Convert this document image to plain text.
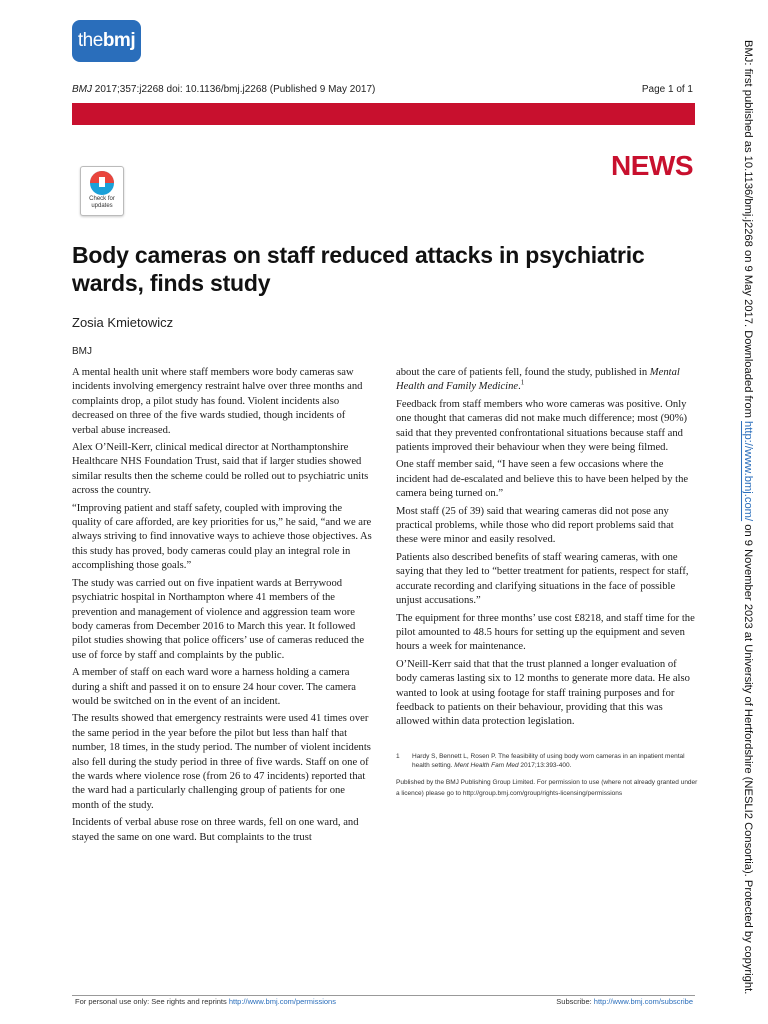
the bmj
BMJ 2017;357:j2268 doi: 10.1136/bmj.j2268 (Published 9 May 2017)	Page 1 of 1
NEWS
Check for
updates
Body cameras on staff reduced attacks in psychiatric wards, finds study
Zosia Kmietowicz
BMJ

A mental health unit where staff members wore body cameras saw incidents involving emergency restraint halve over three months and complaints drop, a pilot study has found. Violent incidents also decreased on three of the five wards studied, though incidents of verbal abuse increased.

Alex O’Neill-Kerr, clinical medical director at Northamptonshire Healthcare NHS Foundation Trust, said that if larger studies showed similar results then the scheme could be rolled out to psychiatric units across the country.

“Improving patient and staff safety, coupled with improving the quality of care afforded, are key priorities for us,” he said, “and we are always striving to find innovative ways to achieve those objectives. As this study has proved, body cameras could play an integral role in accomplishing those goals.”

The study was carried out on five inpatient wards at Berrywood psychiatric hospital in Northampton where 41 members of the prevention and management of violence and aggression team wore body cameras from December 2016 to March this year. It followed pilot studies showing that police officers’ use of cameras reduced the use of force by staff and complaints by the public.

A member of staff on each ward wore a harness holding a camera during a shift and passed it on to ensure 24 hour cover. The camera would be switched on in the event of an incident.

The results showed that emergency restraints were used 41 times over the same period in the year before the pilot but less than half that number, 18 times, in the study period. The number of violent incidents also fell during the study period in three of five wards. Staff on one of the wards where violence rose (from 26 to 47 incidents) reported that the ward had a particularly challenging group of patients for one month of the study.

Incidents of verbal abuse rose on three wards, fell on one ward, and stayed the same on one ward. But complaints to the trust

about the care of patients fell, found the study, published in Mental Health and Family Medicine.$^1$

Feedback from staff members who wore cameras was positive. Only one thought that cameras did not make much difference; most (90%) said that they prevented confrontational situations because staff and patients improved their behaviour when they were being filmed.

One staff member said, “I have seen a few occasions where the incident had de-escalated and believe this to have been helped by the camera being turned on.”

Most staff (25 of 39) said that wearing cameras did not pose any practical problems, while those who did report problems said that these were minor and easily resolved.

Patients also described benefits of staff wearing cameras, with one saying that they led to “better treatment for patients, respect for staff, accurate recording and clarifying situations in the face of possible unjust accusations.”

The equipment for three months’ use cost £8218, and staff time for the pilot amounted to 48.5 hours for setting up the equipment and seven hours a week for maintenance.

O’Neill-Kerr said that that the trust planned a longer evaluation of body cameras lasting six to 12 months to generate more data. He also wanted to look at using footage for staff training purposes and for feedback to patients on their behaviour, providing that this was allowed within data protection legislation.

1 Hardy S, Bennett L, Rosen P. The feasibility of using body worn cameras in an inpatient mental health setting. Ment Health Fam Med 2017;13:393-400.
Published by the BMJ Publishing Group Limited. For permission to use (where not already granted under a licence) please go to http://group.bmj.com/group/rights-licensing/permissions
For personal use only: See rights and reprints http://www.bmj.com/permissions	Subscribe: http://www.bmj.com/subscribe
BMJ: first published as 10.1136/bmj.j2268 on 9 May 2017. Downloaded from http://www.bmj.com/ on 9 November 2023 at University of Hertfordshire (NESLI2 Consortia). Protected by copyright.
